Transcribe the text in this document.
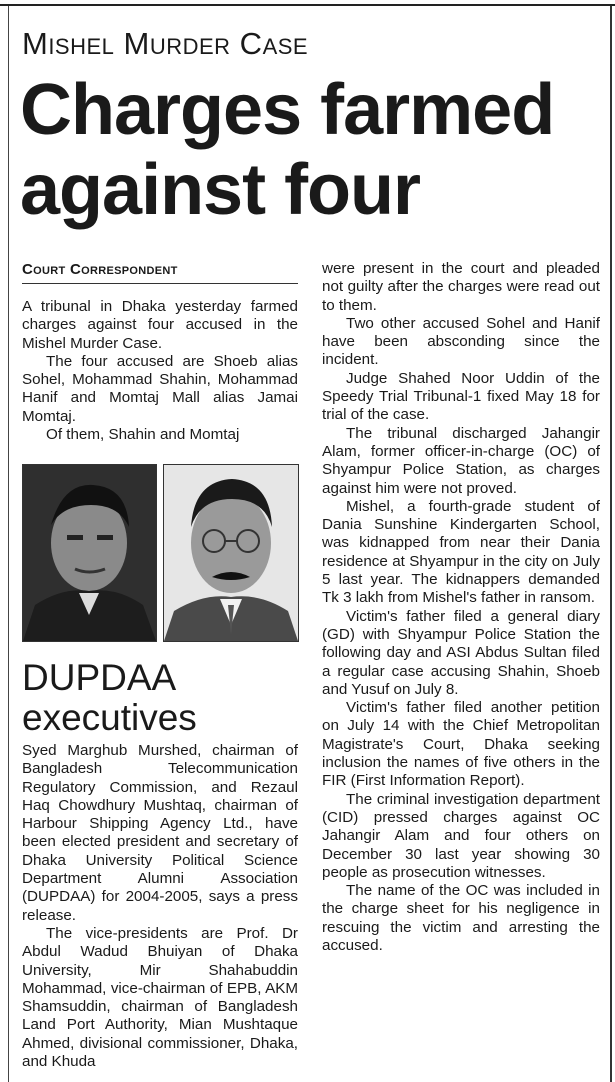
Mishel Murder Case
Charges farmed
against four
Court Correspondent

A tribunal in Dhaka yesterday farmed charges against four accused in the Mishel Murder Case.

The four accused are Shoeb alias Sohel, Mohammad Shahin, Mohammad Hanif and Momtaj Mall alias Jamai Momtaj.

Of them, Shahin and Momtaj

DUPDAA
executives

Syed Marghub Murshed, chairman of Bangladesh Telecommunication Regulatory Commission, and Rezaul Haq Chowdhury Mushtaq, chairman of Harbour Shipping Agency Ltd., have been elected president and secretary of Dhaka University Political Science Department Alumni Association (DUPDAA) for 2004-2005, says a press release.

The vice-presidents are Prof. Dr Abdul Wadud Bhuiyan of Dhaka University, Mir Shahabuddin Mohammad, vice-chairman of EPB, AKM Shamsuddin, chairman of Bangladesh Land Port Authority, Mian Mushtaque Ahmed, divisional commissioner, Dhaka, and Khuda

were present in the court and pleaded not guilty after the charges were read out to them.

Two other accused Sohel and Hanif have been absconding since the incident.

Judge Shahed Noor Uddin of the Speedy Trial Tribunal-1 fixed May 18 for trial of the case.

The tribunal discharged Jahangir Alam, former officer-in-charge (OC) of Shyampur Police Station, as charges against him were not proved.

Mishel, a fourth-grade student of Dania Sunshine Kindergarten School, was kidnapped from near their Dania residence at Shyampur in the city on July 5 last year. The kidnappers demanded Tk 3 lakh from Mishel's father in ransom.

Victim's father filed a general diary (GD) with Shyampur Police Station the following day and ASI Abdus Sultan filed a regular case accusing Shahin, Shoeb and Yusuf on July 8.

Victim's father filed another petition on July 14 with the Chief Metropolitan Magistrate's Court, Dhaka seeking inclusion the names of five others in the FIR (First Information Report).

The criminal investigation department (CID) pressed charges against OC Jahangir Alam and four others on December 30 last year showing 30 people as prosecution witnesses.

The name of the OC was included in the charge sheet for his negligence in rescuing the victim and arresting the accused.
